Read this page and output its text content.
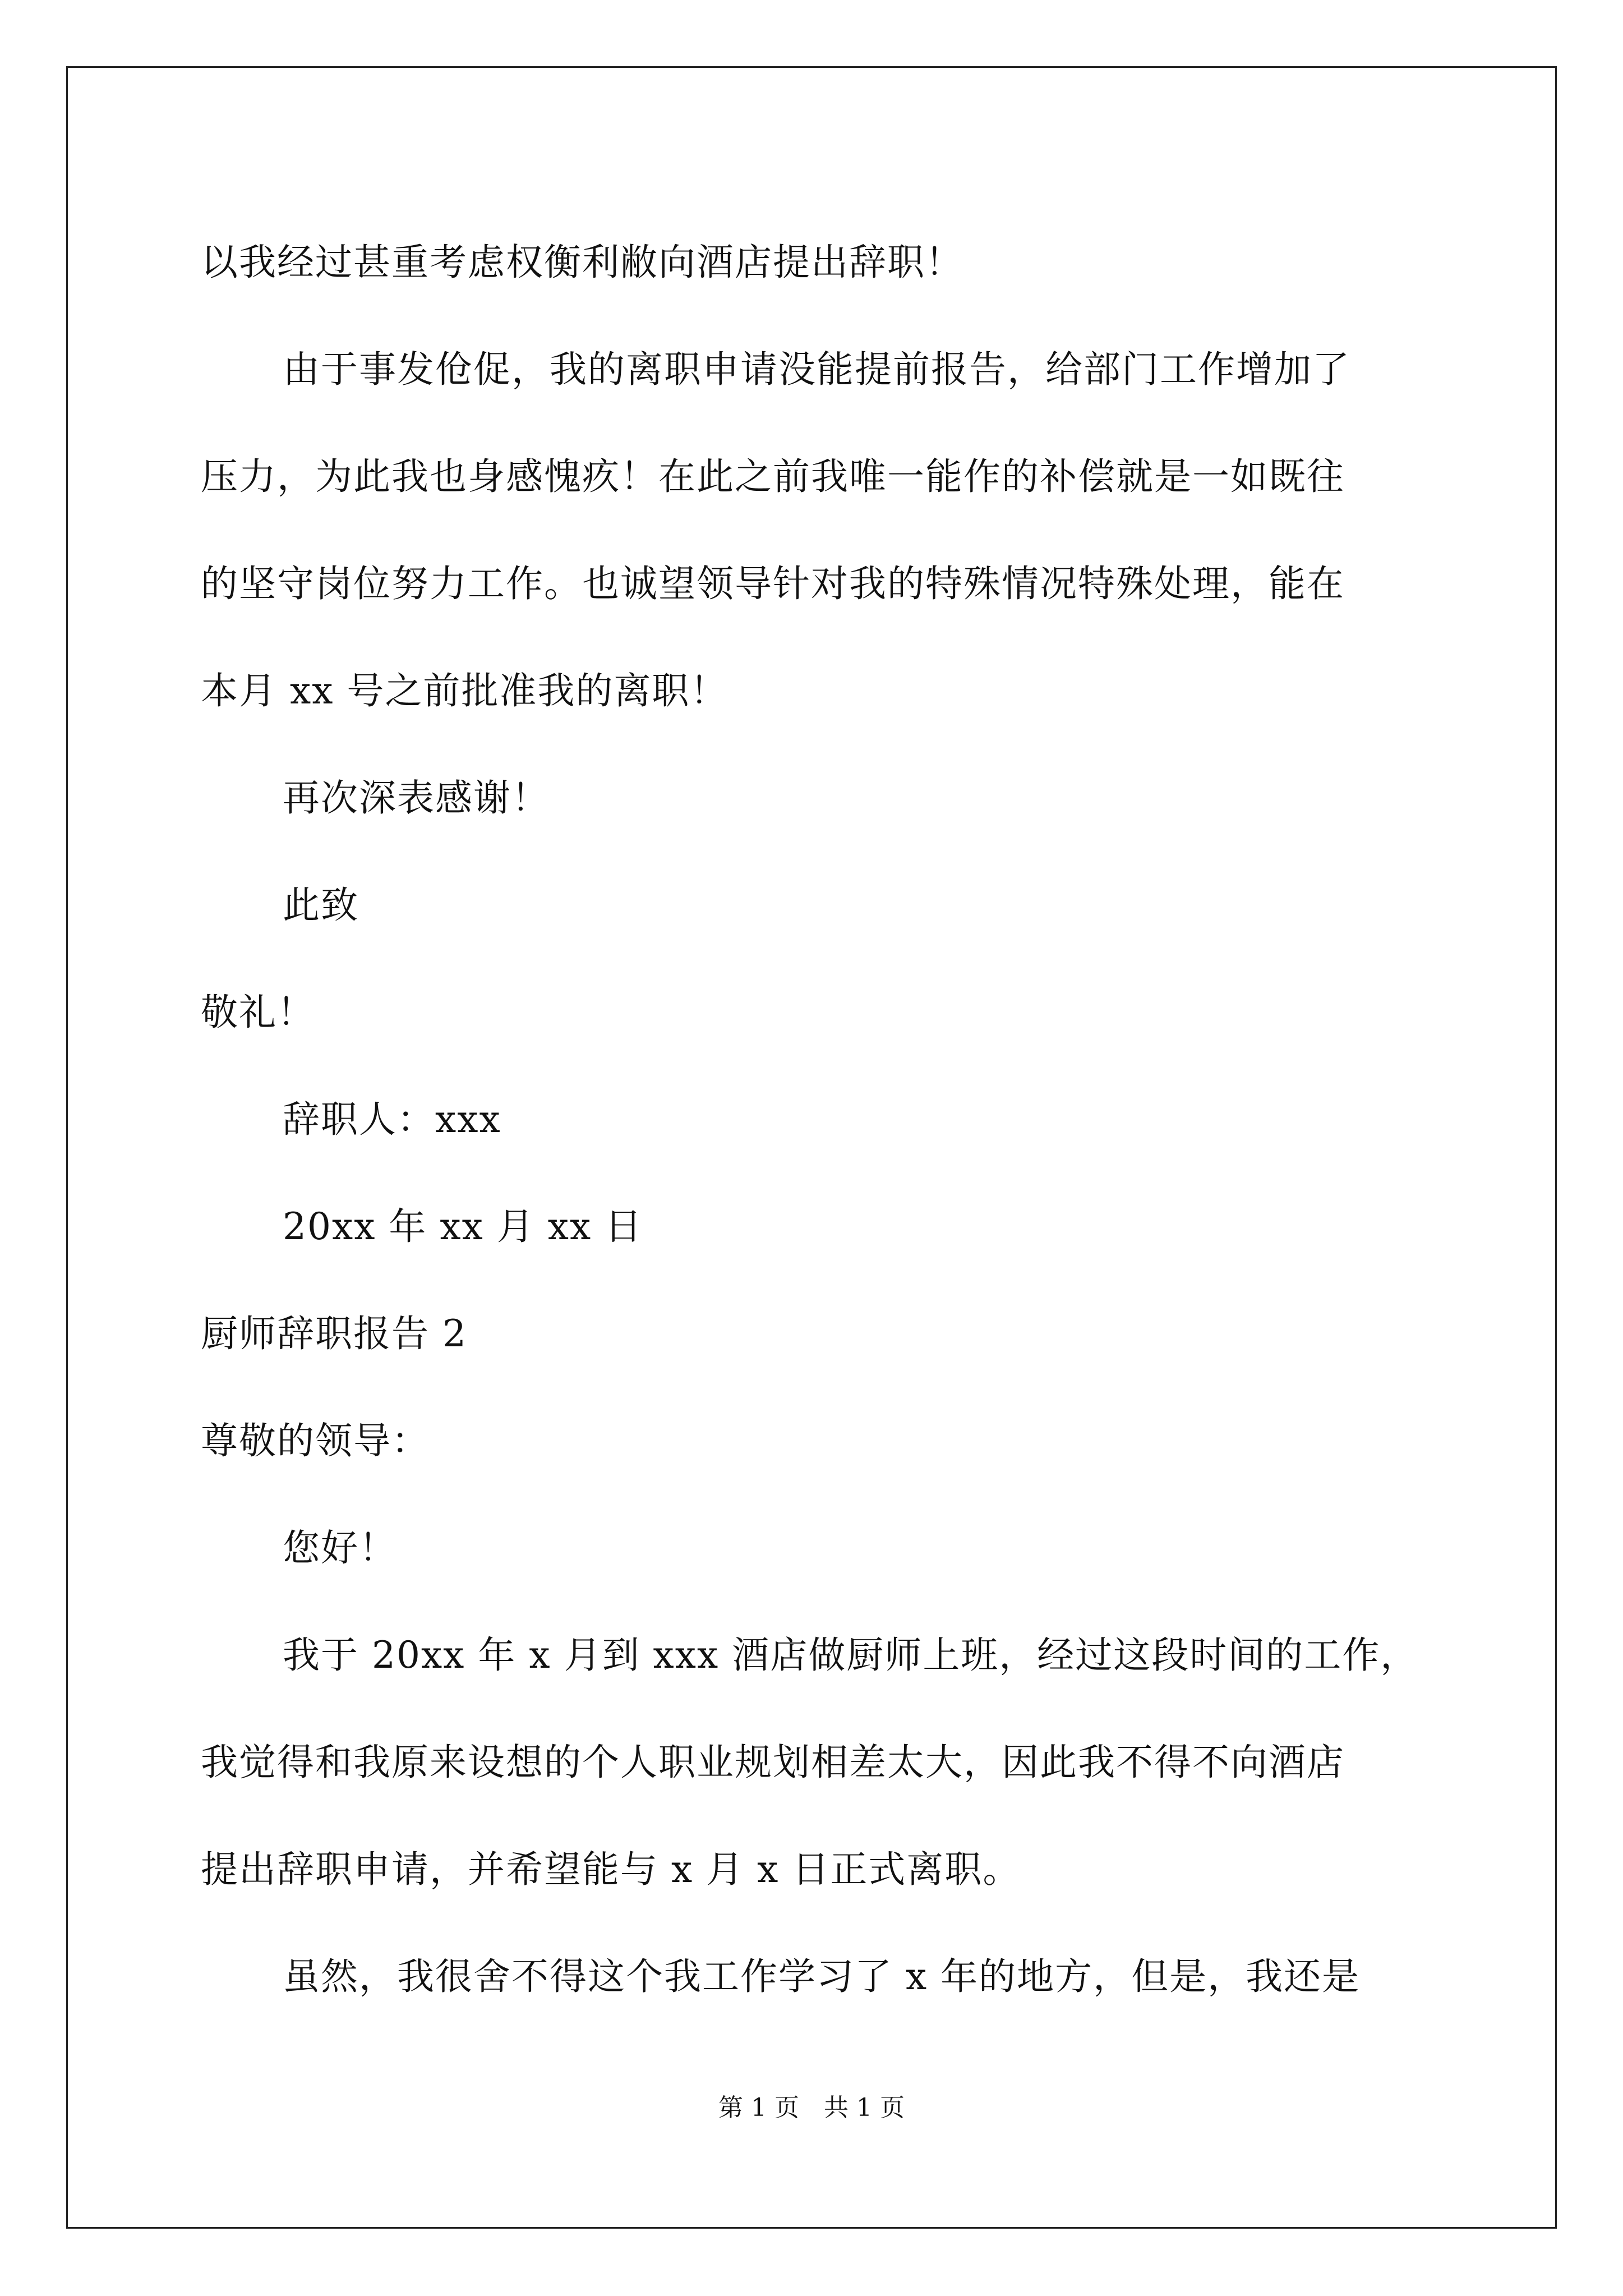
以我经过甚重考虑权衡利敝向酒店提出辞职！

由于事发伧促，我的离职申请没能提前报告，给部门工作增加了

压力，为此我也身感愧疚！在此之前我唯一能作的补偿就是一如既往

的坚守岗位努力工作。也诚望领导针对我的特殊情况特殊处理，能在

本月 xx 号之前批准我的离职！

再次深表感谢！

此致

敬礼！

辞职人：xxx

20xx 年 xx 月 xx 日

厨师辞职报告 2

尊敬的领导：

您好！

我于 20xx 年 x 月到 xxx 酒店做厨师上班，经过这段时间的工作，

我觉得和我原来设想的个人职业规划相差太大，因此我不得不向酒店

提出辞职申请，并希望能与 x 月 x 日正式离职。

虽然，我很舍不得这个我工作学习了 x 年的地方，但是，我还是

第 1 页　共 1 页
